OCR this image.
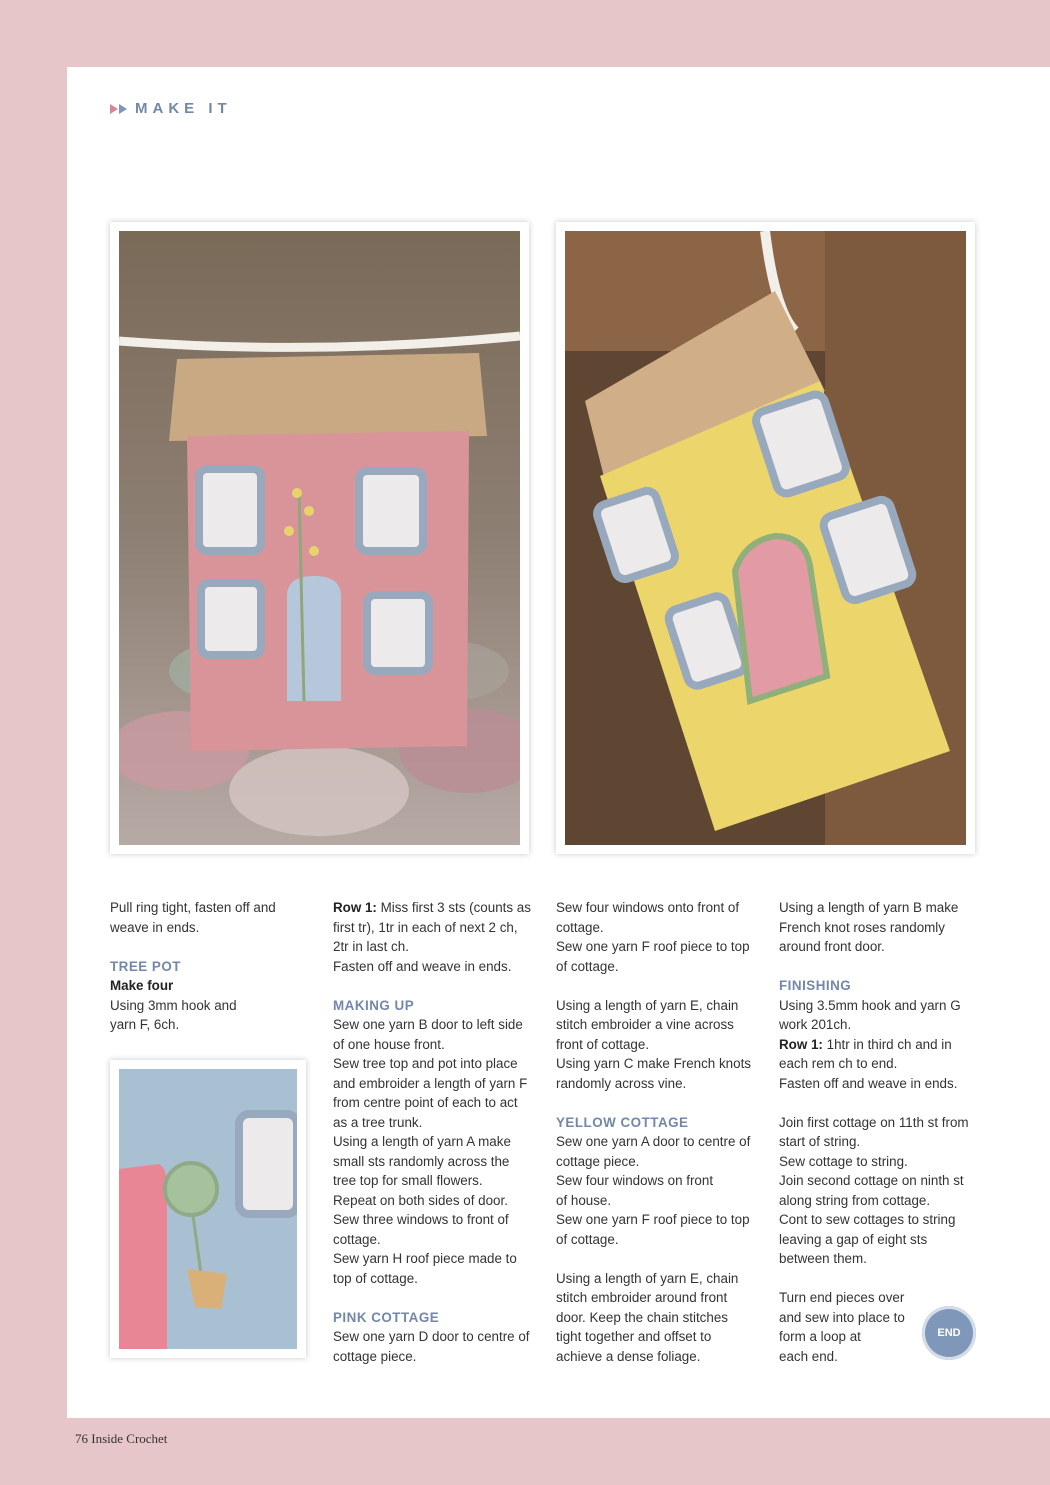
MAKE IT

Pull ring tight, fasten off and weave in ends.

TREE POT

Make four

Using 3mm hook and

yarn F, 6ch.

Row 1: Miss first 3 sts (counts as first tr), 1tr in each of next 2 ch, 2tr in last ch.

Fasten off and weave in ends.

MAKING UP

Sew one yarn B door to left side of one house front.

Sew tree top and pot into place and embroider a length of yarn F from centre point of each to act as a tree trunk.

Using a length of yarn A make small sts randomly across the tree top for small flowers.

Repeat on both sides of door.

Sew three windows to front of cottage.

Sew yarn H roof piece made to top of cottage.

PINK COTTAGE

Sew one yarn D door to centre of cottage piece.

Sew four windows onto front of cottage.

Sew one yarn F roof piece to top of cottage.

Using a length of yarn E, chain stitch embroider a vine across front of cottage.

Using yarn C make French knots randomly across vine.

YELLOW COTTAGE

Sew one yarn A door to centre of cottage piece.

Sew four windows on front

of house.

Sew one yarn F roof piece to top of cottage.

Using a length of yarn E, chain stitch embroider around front door. Keep the chain stitches tight together and offset to achieve a dense foliage.

Using a length of yarn B make French knot roses randomly around front door.

FINISHING

Using 3.5mm hook and yarn G work 201ch.

Row 1: 1htr in third ch and in each rem ch to end.

Fasten off and weave in ends.

Join first cottage on 11th st from start of string.

Sew cottage to string.

Join second cottage on ninth st along string from cottage.

Cont to sew cottages to string leaving a gap of eight sts between them.

Turn end pieces over

and sew into place to

form a loop at

each end.

END
76 Inside Crochet
